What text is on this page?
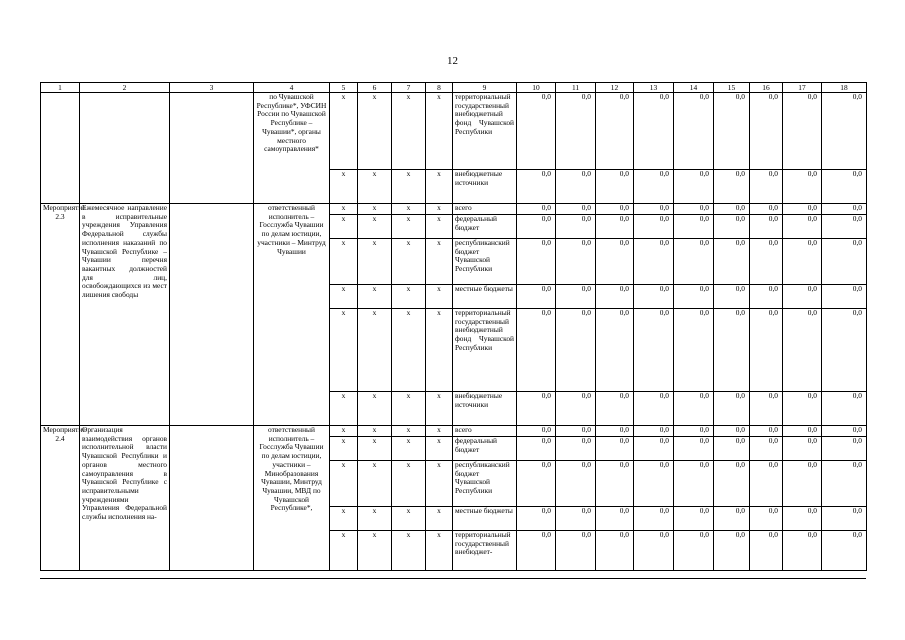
12
1	2	3	4	5	6	7	8	9	10	11	12	13	14	15	16	17	18
			по Чувашской Республике*, УФСИН России по Чувашской Республике – Чувашии*, органы местного самоуправления*	x	x	x	x	территориальный государственный внебюджетный фонд Чувашской Республики	0,0	0,0	0,0	0,0	0,0	0,0	0,0	0,0	0,0
				x	x	x	x	внебюджетные источники	0,0	0,0	0,0	0,0	0,0	0,0	0,0	0,0	0,0
Мероприятие 2.3	Ежемесячное направление в исправительные учреждения Управления Федеральной службы исполнения наказаний по Чувашской Республике – Чувашии перечня вакантных должностей для лиц, освобождающихся из мест лишения свободы		ответственный исполнитель – Госслужба Чувашии по делам юстиции, участники – Минтруд Чувашии	x	x	x	x	всего	0,0	0,0	0,0	0,0	0,0	0,0	0,0	0,0	0,0
				x	x	x	x	федеральный бюджет	0,0	0,0	0,0	0,0	0,0	0,0	0,0	0,0	0,0
				x	x	x	x	республиканский бюджет Чувашской Республики	0,0	0,0	0,0	0,0	0,0	0,0	0,0	0,0	0,0
				x	x	x	x	местные бюджеты	0,0	0,0	0,0	0,0	0,0	0,0	0,0	0,0	0,0
				x	x	x	x	территориальный государственный внебюджетный фонд Чувашской Республики	0,0	0,0	0,0	0,0	0,0	0,0	0,0	0,0	0,0
				x	x	x	x	внебюджетные источники	0,0	0,0	0,0	0,0	0,0	0,0	0,0	0,0	0,0
Мероприятие 2.4	Организация взаимодействия органов исполнительной власти Чувашской Республики и органов местного самоуправления в Чувашской Республике с исправительными учреждениями Управления Федеральной службы исполнения на-		ответственный исполнитель – Госслужба Чувашии по делам юстиции, участники – Минобразования Чувашии, Минтруд Чувашии, МВД по Чувашской Республике*,	x	x	x	x	всего	0,0	0,0	0,0	0,0	0,0	0,0	0,0	0,0	0,0
				x	x	x	x	федеральный бюджет	0,0	0,0	0,0	0,0	0,0	0,0	0,0	0,0	0,0
				x	x	x	x	республиканский бюджет Чувашской Республики	0,0	0,0	0,0	0,0	0,0	0,0	0,0	0,0	0,0
				x	x	x	x	местные бюджеты	0,0	0,0	0,0	0,0	0,0	0,0	0,0	0,0	0,0
				x	x	x	x	территориальный государственный внебюджет-	0,0	0,0	0,0	0,0	0,0	0,0	0,0	0,0	0,0
